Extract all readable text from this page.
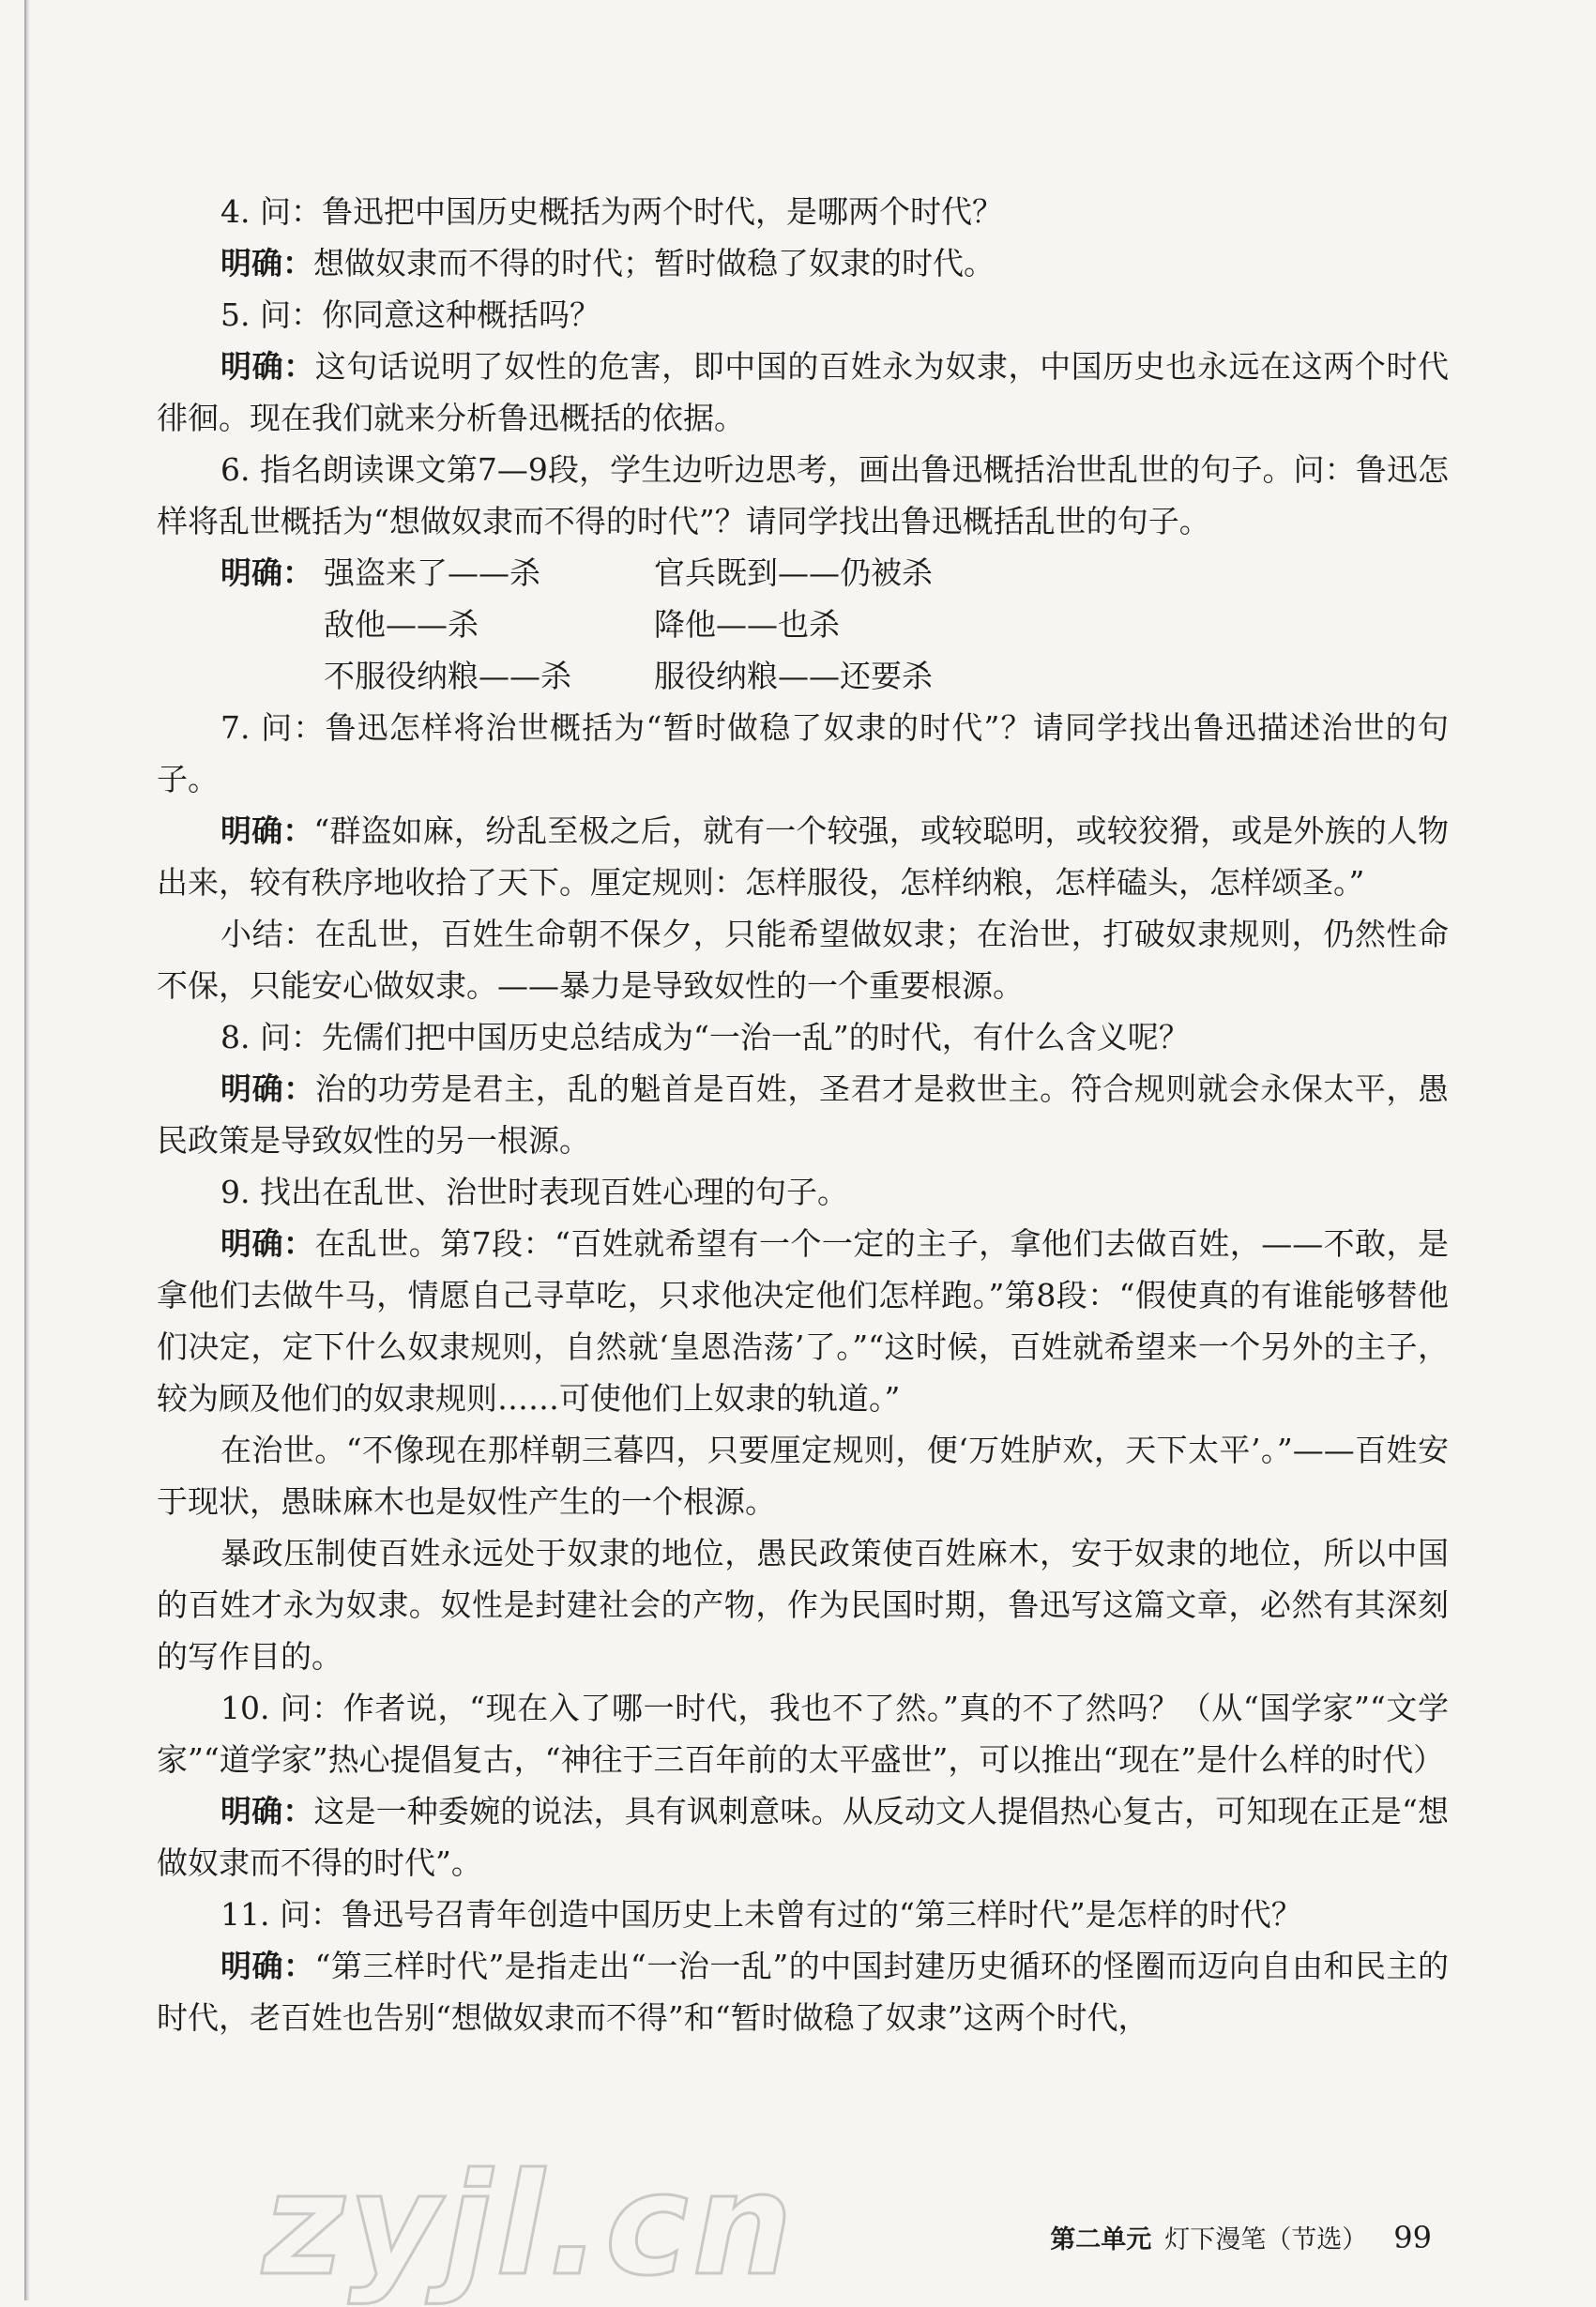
4. 问：鲁迅把中国历史概括为两个时代，是哪两个时代？

明确：想做奴隶而不得的时代；暂时做稳了奴隶的时代。

5. 问：你同意这种概括吗？

明确：这句话说明了奴性的危害，即中国的百姓永为奴隶，中国历史也永远在这两个时代徘徊。现在我们就来分析鲁迅概括的依据。

6. 指名朗读课文第7—9段，学生边听边思考，画出鲁迅概括治世乱世的句子。问：鲁迅怎样将乱世概括为“想做奴隶而不得的时代”？请同学找出鲁迅概括乱世的句子。

明确： 强盗来了——杀	官兵既到——仍被杀
敌他——杀	降他——也杀
不服役纳粮——杀	服役纳粮——还要杀

7. 问：鲁迅怎样将治世概括为“暂时做稳了奴隶的时代”？请同学找出鲁迅描述治世的句子。

明确：“群盗如麻，纷乱至极之后，就有一个较强，或较聪明，或较狡猾，或是外族的人物出来，较有秩序地收拾了天下。厘定规则：怎样服役，怎样纳粮，怎样磕头，怎样颂圣。”

小结：在乱世，百姓生命朝不保夕，只能希望做奴隶；在治世，打破奴隶规则，仍然性命不保，只能安心做奴隶。——暴力是导致奴性的一个重要根源。

8. 问：先儒们把中国历史总结成为“一治一乱”的时代，有什么含义呢？

明确：治的功劳是君主，乱的魁首是百姓，圣君才是救世主。符合规则就会永保太平，愚民政策是导致奴性的另一根源。

9. 找出在乱世、治世时表现百姓心理的句子。

明确：在乱世。第7段：“百姓就希望有一个一定的主子，拿他们去做百姓，——不敢，是拿他们去做牛马，情愿自己寻草吃，只求他决定他们怎样跑。”第8段：“假使真的有谁能够替他们决定，定下什么奴隶规则，自然就‘皇恩浩荡’了。”“这时候，百姓就希望来一个另外的主子，较为顾及他们的奴隶规则……可使他们上奴隶的轨道。”

在治世。“不像现在那样朝三暮四，只要厘定规则，便‘万姓胪欢，天下太平’。”——百姓安于现状，愚昧麻木也是奴性产生的一个根源。

暴政压制使百姓永远处于奴隶的地位，愚民政策使百姓麻木，安于奴隶的地位，所以中国的百姓才永为奴隶。奴性是封建社会的产物，作为民国时期，鲁迅写这篇文章，必然有其深刻的写作目的。

10. 问：作者说，“现在入了哪一时代，我也不了然。”真的不了然吗？（从“国学家”“文学家”“道学家”热心提倡复古，“神往于三百年前的太平盛世”，可以推出“现在”是什么样的时代）

明确：这是一种委婉的说法，具有讽刺意味。从反动文人提倡热心复古，可知现在正是“想做奴隶而不得的时代”。

11. 问：鲁迅号召青年创造中国历史上未曾有过的“第三样时代”是怎样的时代？

明确：“第三样时代”是指走出“一治一乱”的中国封建历史循环的怪圈而迈向自由和民主的时代，老百姓也告别“想做奴隶而不得”和“暂时做稳了奴隶”这两个时代，

zyjl.cn	第二单元 灯下漫笔（节选） 99
